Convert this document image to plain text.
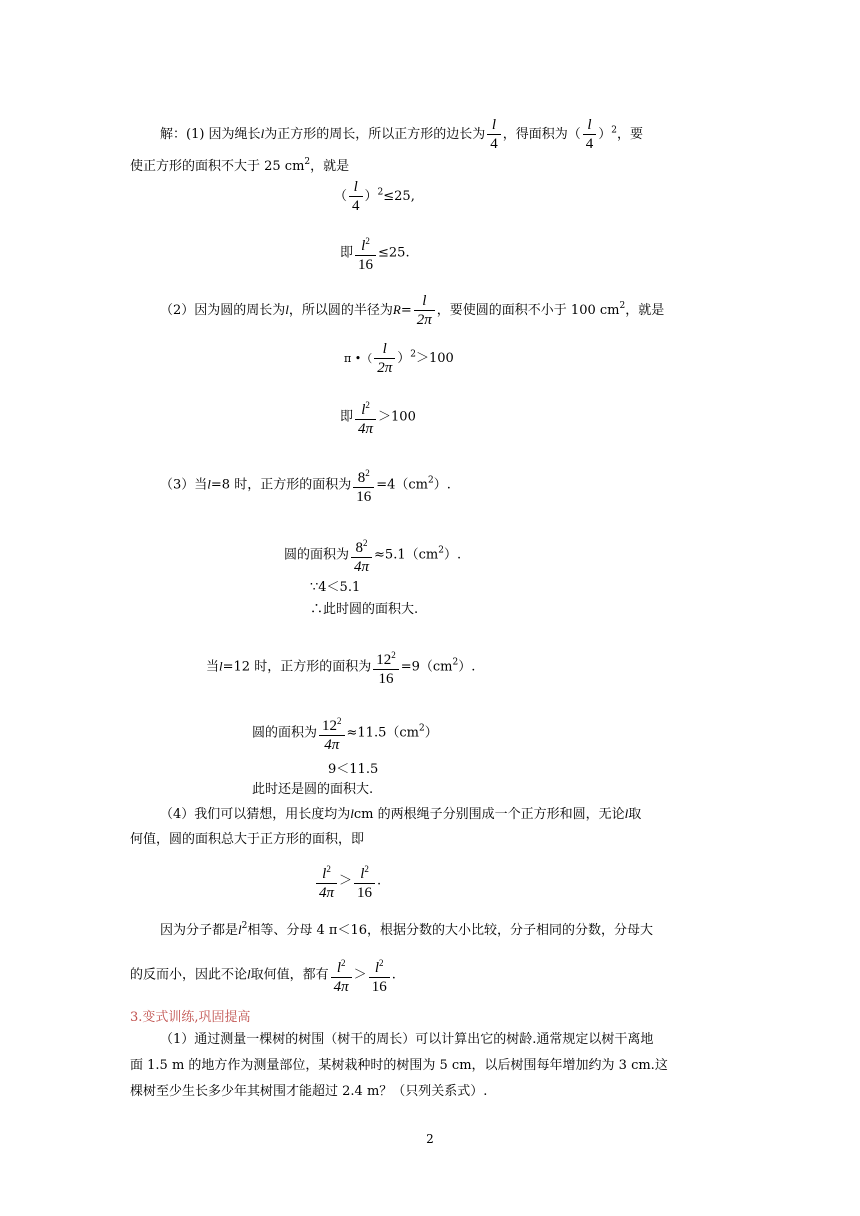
解：(1) 因为绳长l为正方形的周长，所以正方形的边长为 $\frac{l}{4}$ ，得面积为（ $\frac{l}{4} )^2$，要
使正方形的面积不大于 25 $cm^2$，就是
（ $\frac{l}{4} )^2\le 25$,
即 $\frac{l^2}{16} \le 25$.
（2）因为圆的周长为l，所以圆的半径为$R= \frac{l}{2\pi}$ ，要使圆的面积不小于 100 $cm^2$，就是
π •（ $\frac{l}{2\pi} )^2>100$
即 $\frac{l^2}{4\pi} >100$
（3）当l=8 时，正方形的面积为 $\frac{8^2}{16} =4(cm^2)$.
圆的面积为 $\frac{8^2}{4\pi} \approx 5.1(cm^2)$.
∵4＜5.1
∴此时圆的面积大.
当l=12 时，正方形的面积为 $\frac{12^2}{16} =9(cm^2)$.
圆的面积为 $\frac{12^2}{4\pi} \approx 11.5(cm^2)$
9＜11.5
此时还是圆的面积大.
（4）我们可以猜想，用长度均为lcm 的两根绳子分别围成一个正方形和圆，无论l取
何值，圆的面积总大于正方形的面积，即
$\frac{l^2}{4\pi} > \frac{l^2}{16}$ .
因为分子都是$l^2$相等、分母 4 π＜16，根据分数的大小比较，分子相同的分数，分母大
的反而小，因此不论l取何值，都有 $\frac{l^2}{4\pi} > \frac{l^2}{16}$ .
3.变式训练,巩固提高
（1）通过测量一棵树的树围（树干的周长）可以计算出它的树龄.通常规定以树干离地
面 1.5 m 的地方作为测量部位，某树栽种时的树围为 5 cm，以后树围每年增加约为 3 cm.这
棵树至少生长多少年其树围才能超过 2.4 m？（只列关系式）.
2
